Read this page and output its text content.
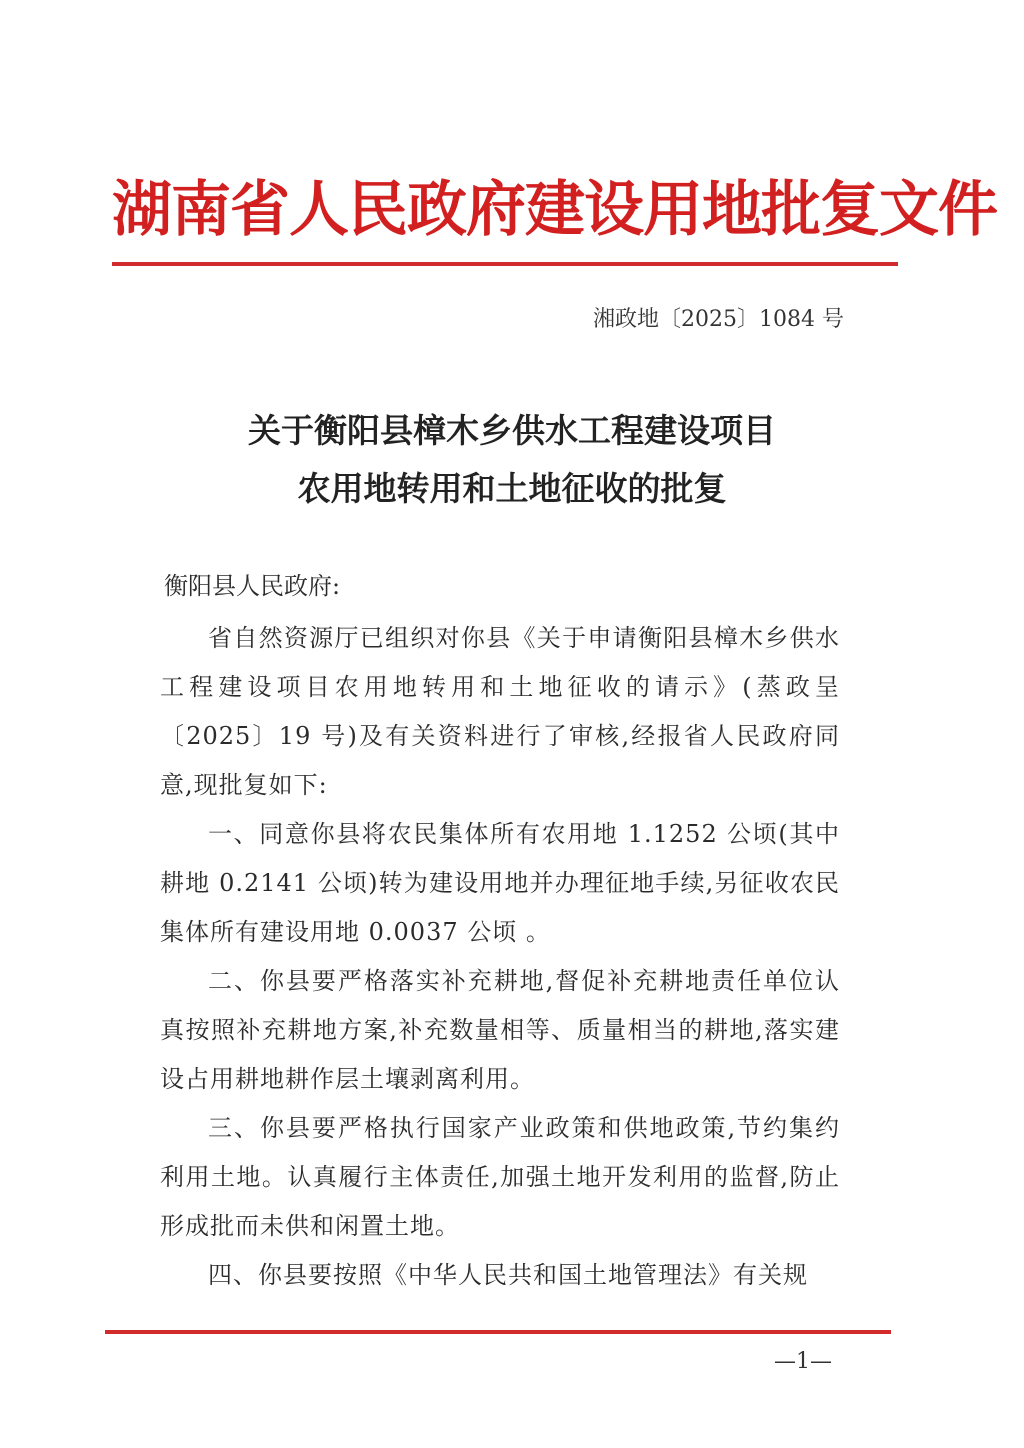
湖南省人民政府建设用地批复文件
湘政地〔2025〕1084 号
关于衡阳县樟木乡供水工程建设项目
农用地转用和土地征收的批复
衡阳县人民政府:

省自然资源厅已组织对你县《关于申请衡阳县樟木乡供水工程建设项目农用地转用和土地征收的请示》(蒸政呈〔2025〕19 号)及有关资料进行了审核,经报省人民政府同意,现批复如下:

一、同意你县将农民集体所有农用地 1.1252 公顷(其中耕地 0.2141 公顷)转为建设用地并办理征地手续,另征收农民集体所有建设用地 0.0037 公顷 。

二、你县要严格落实补充耕地,督促补充耕地责任单位认真按照补充耕地方案,补充数量相等、质量相当的耕地,落实建设占用耕地耕作层土壤剥离利用。

三、你县要严格执行国家产业政策和供地政策,节约集约利用土地。认真履行主体责任,加强土地开发利用的监督,防止形成批而未供和闲置土地。

四、你县要按照《中华人民共和国土地管理法》有关规

—1—
